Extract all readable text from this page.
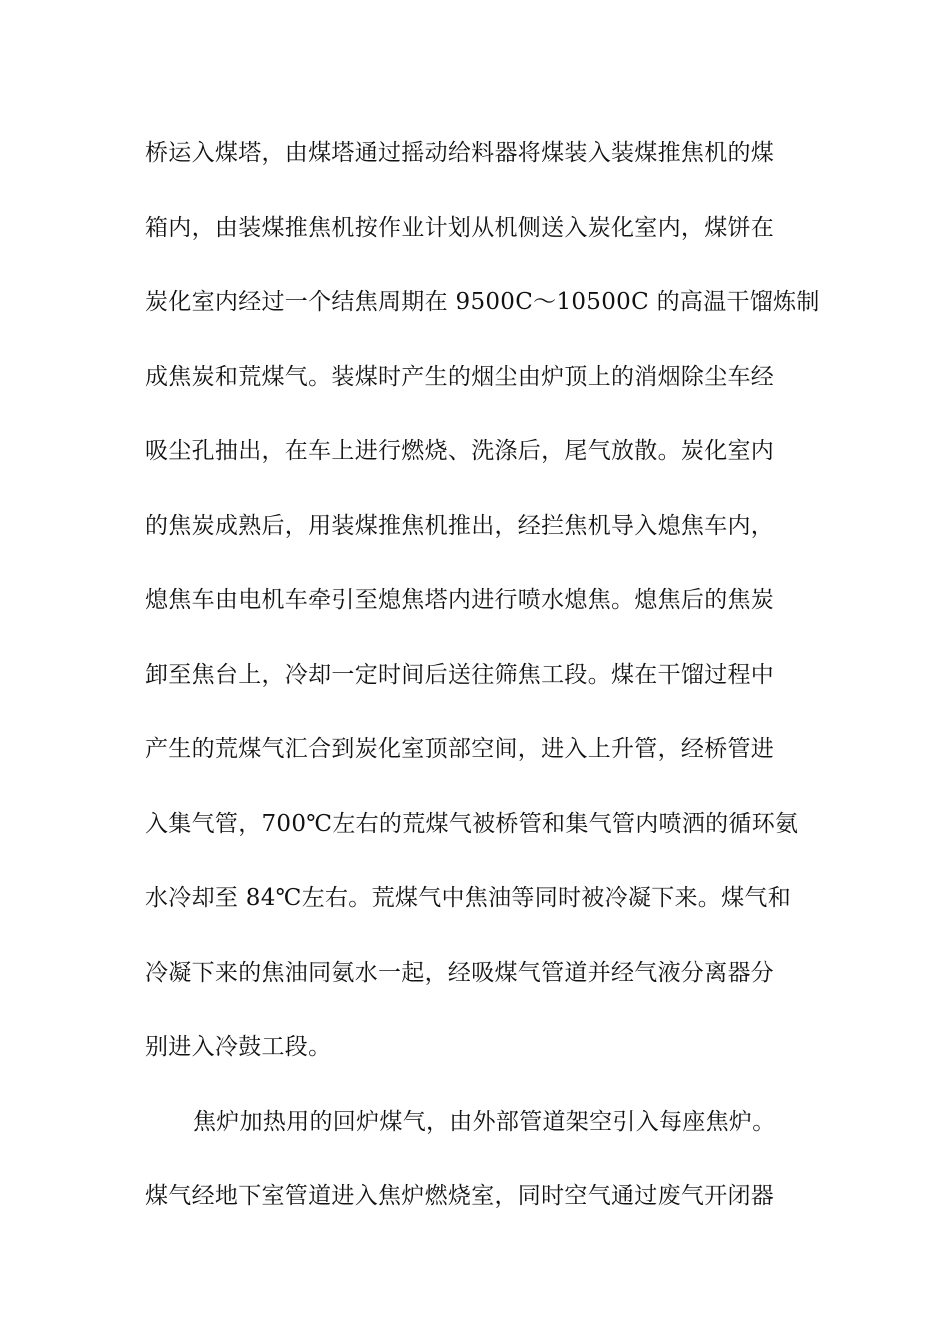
桥运入煤塔，由煤塔通过摇动给料器将煤装入装煤推焦机的煤
箱内，由装煤推焦机按作业计划从机侧送入炭化室内，煤饼在
炭化室内经过一个结焦周期在 9500C～10500C 的高温干馏炼制
成焦炭和荒煤气。装煤时产生的烟尘由炉顶上的消烟除尘车经
吸尘孔抽出，在车上进行燃烧、洗涤后，尾气放散。炭化室内
的焦炭成熟后，用装煤推焦机推出，经拦焦机导入熄焦车内，
熄焦车由电机车牵引至熄焦塔内进行喷水熄焦。熄焦后的焦炭
卸至焦台上，冷却一定时间后送往筛焦工段。煤在干馏过程中
产生的荒煤气汇合到炭化室顶部空间，进入上升管，经桥管进
入集气管，700℃左右的荒煤气被桥管和集气管内喷洒的循环氨
水冷却至 84℃左右。荒煤气中焦油等同时被冷凝下来。煤气和
冷凝下来的焦油同氨水一起，经吸煤气管道并经气液分离器分
别进入冷鼓工段。
焦炉加热用的回炉煤气，由外部管道架空引入每座焦炉。
煤气经地下室管道进入焦炉燃烧室，同时空气通过废气开闭器
